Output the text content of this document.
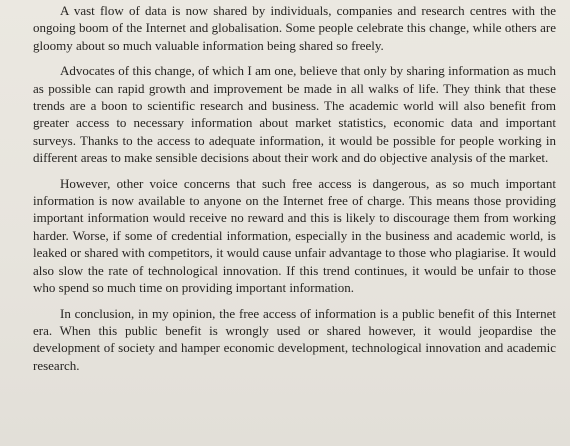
A vast flow of data is now shared by individuals, companies and research centres with the ongoing boom of the Internet and globalisation. Some people celebrate this change, while others are gloomy about so much valuable information being shared so freely.

Advocates of this change, of which I am one, believe that only by sharing information as much as possible can rapid growth and improvement be made in all walks of life. They think that these trends are a boon to scientific research and business. The academic world will also benefit from greater access to necessary information about market statistics, economic data and important surveys. Thanks to the access to adequate information, it would be possible for people working in different areas to make sensible decisions about their work and do objective analysis of the market.

However, other voice concerns that such free access is dangerous, as so much important information is now available to anyone on the Internet free of charge. This means those providing important information would receive no reward and this is likely to discourage them from working harder. Worse, if some of credential information, especially in the business and academic world, is leaked or shared with competitors, it would cause unfair advantage to those who plagiarise. It would also slow the rate of technological innovation. If this trend continues, it would be unfair to those who spend so much time on providing important information.

In conclusion, in my opinion, the free access of information is a public benefit of this Internet era. When this public benefit is wrongly used or shared however, it would jeopardise the development of society and hamper economic development, technological innovation and academic research.
